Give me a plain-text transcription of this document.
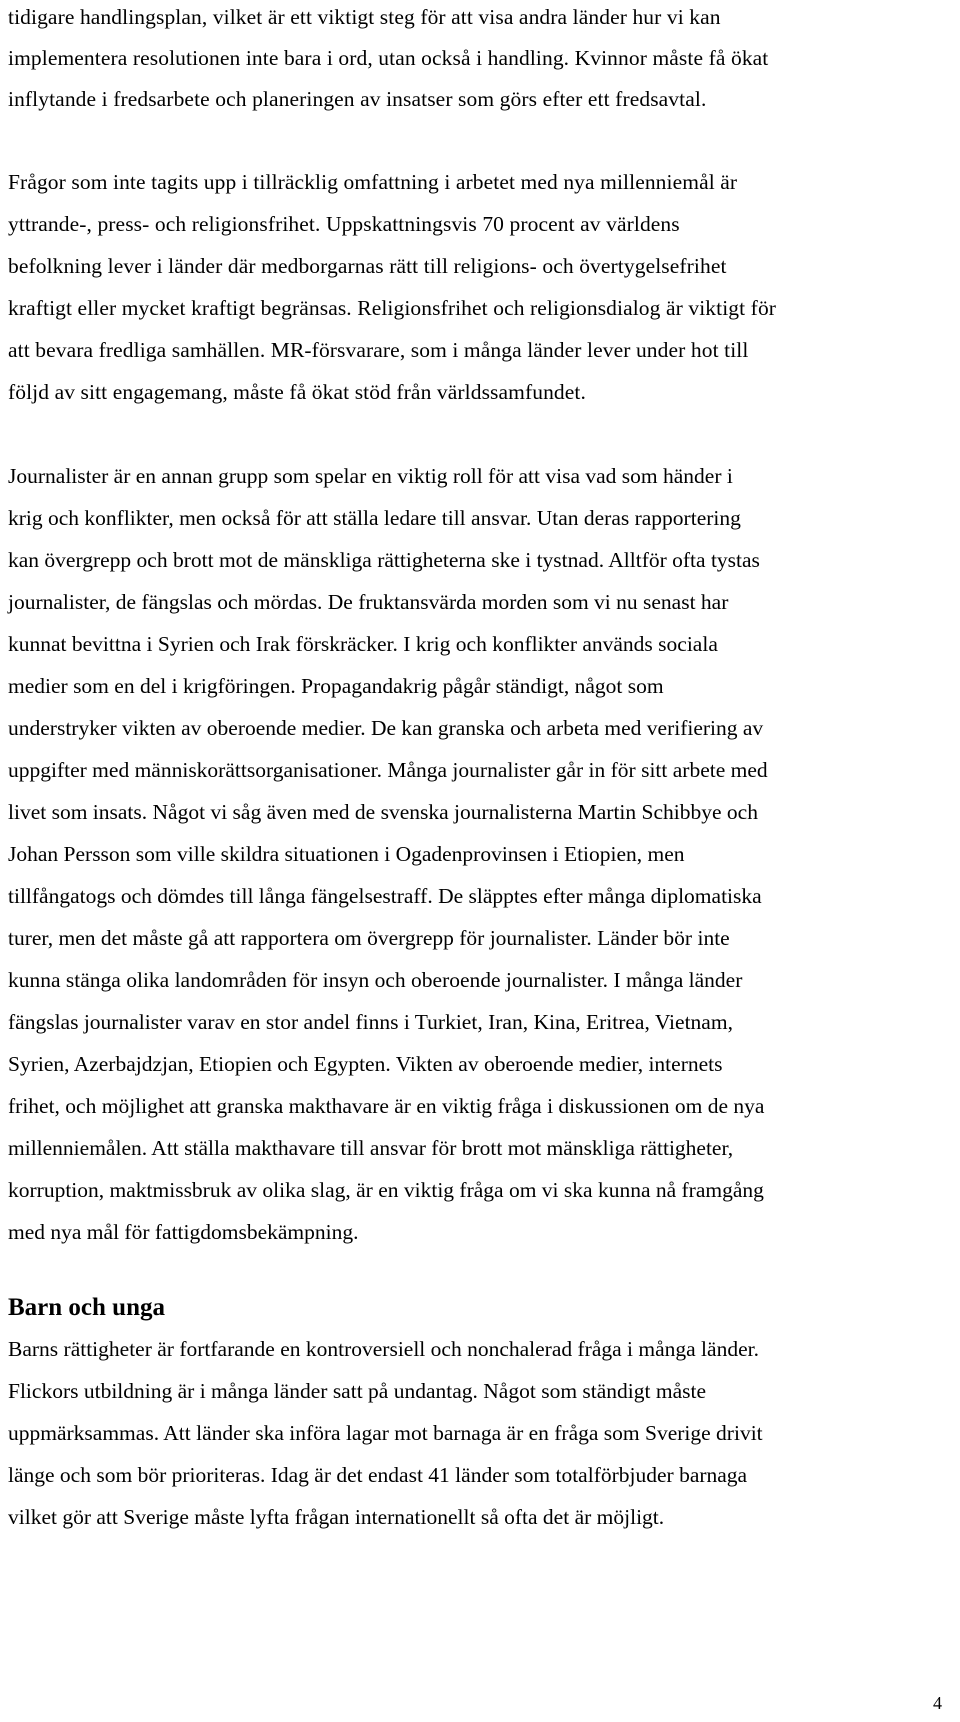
tidigare handlingsplan, vilket är ett viktigt steg för att visa andra länder hur vi kan
implementera resolutionen inte bara i ord, utan också i handling. Kvinnor måste få ökat
inflytande i fredsarbete och planeringen av insatser som görs efter ett fredsavtal.
Frågor som inte tagits upp i tillräcklig omfattning i arbetet med nya millenniemål är
yttrande-, press- och religionsfrihet. Uppskattningsvis 70 procent av världens
befolkning lever i länder där medborgarnas rätt till religions- och övertygelsefrihet
kraftigt eller mycket kraftigt begränsas. Religionsfrihet och religionsdialog är viktigt för
att bevara fredliga samhällen. MR-försvarare, som i många länder lever under hot till
följd av sitt engagemang, måste få ökat stöd från världssamfundet.
Journalister är en annan grupp som spelar en viktig roll för att visa vad som händer i
krig och konflikter, men också för att ställa ledare till ansvar. Utan deras rapportering
kan övergrepp och brott mot de mänskliga rättigheterna ske i tystnad. Alltför ofta tystas
journalister, de fängslas och mördas. De fruktansvärda morden som vi nu senast har
kunnat bevittna i Syrien och Irak förskräcker. I krig och konflikter används sociala
medier som en del i krigföringen. Propagandakrig pågår ständigt, något som
understryker vikten av oberoende medier. De kan granska och arbeta med verifiering av
uppgifter med människorättsorganisationer. Många journalister går in för sitt arbete med
livet som insats. Något vi såg även med de svenska journalisterna Martin Schibbye och
Johan Persson som ville skildra situationen i Ogadenprovinsen i Etiopien, men
tillfångatogs och dömdes till långa fängelsestraff. De släpptes efter många diplomatiska
turer, men det måste gå att rapportera om övergrepp för journalister. Länder bör inte
kunna stänga olika landområden för insyn och oberoende journalister. I många länder
fängslas journalister varav en stor andel finns i Turkiet, Iran, Kina, Eritrea, Vietnam,
Syrien, Azerbajdzjan, Etiopien och Egypten. Vikten av oberoende medier, internets
frihet, och möjlighet att granska makthavare är en viktig fråga i diskussionen om de nya
millenniemålen. Att ställa makthavare till ansvar för brott mot mänskliga rättigheter,
korruption, maktmissbruk av olika slag, är en viktig fråga om vi ska kunna nå framgång
med nya mål för fattigdomsbekämpning.
Barn och unga
Barns rättigheter är fortfarande en kontroversiell och nonchalerad fråga i många länder.
Flickors utbildning är i många länder satt på undantag. Något som ständigt måste
uppmärksammas. Att länder ska införa lagar mot barnaga är en fråga som Sverige drivit
länge och som bör prioriteras. Idag är det endast 41 länder som totalförbjuder barnaga
vilket gör att Sverige måste lyfta frågan internationellt så ofta det är möjligt.
4
